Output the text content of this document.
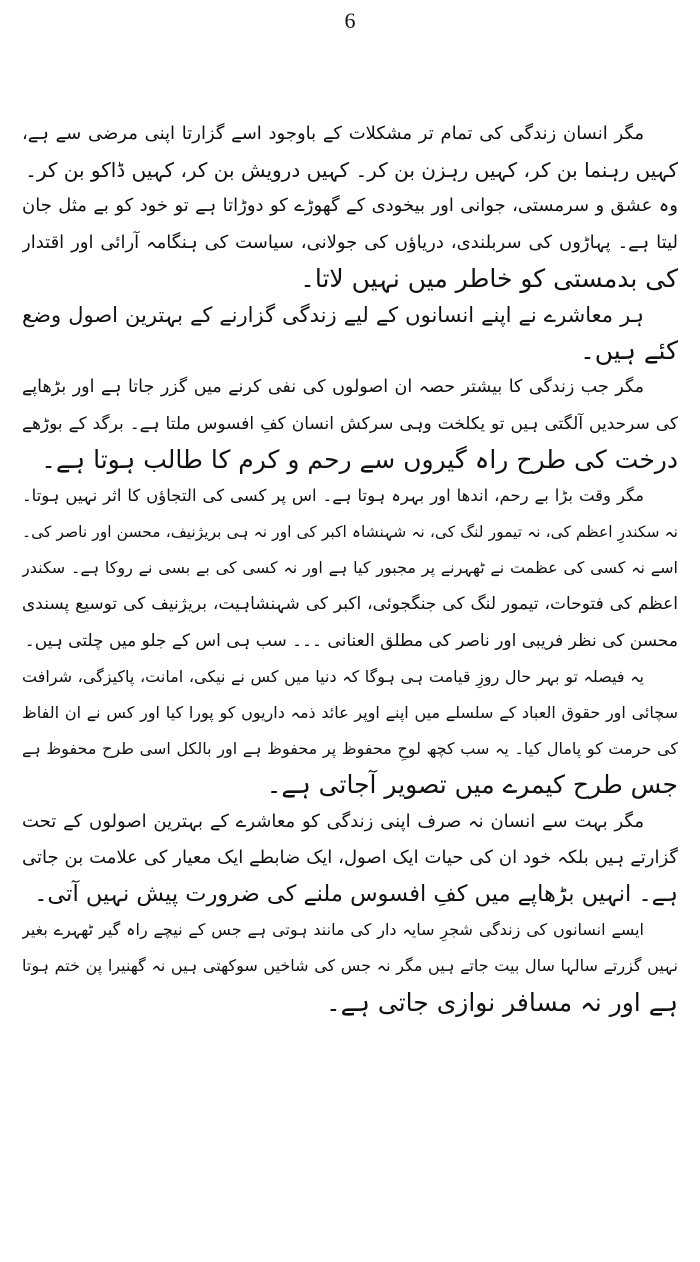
6
مگر انسان زندگی کی تمام تر مشکلات کے باوجود اسے گزارتا اپنی مرضی سے ہے،
کہیں رہنما بن کر، کہیں رہزن بن کر۔ کہیں درویش بن کر، کہیں ڈاکو بن کر۔
وہ عشق و سرمستی، جوانی اور بیخودی کے گھوڑے کو دوڑاتا ہے تو خود کو بے مثل جان
لیتا ہے۔ پہاڑوں کی سربلندی، دریاؤں کی جولانی، سیاست کی ہنگامہ آرائی اور اقتدار
کی بدمستی کو خاطر میں نہیں لاتا۔
ہر معاشرے نے اپنے انسانوں کے لیے زندگی گزارنے کے بہترین اصول وضع
کئے ہیں۔
مگر جب زندگی کا بیشتر حصہ ان اصولوں کی نفی کرنے میں گزر جاتا ہے اور بڑھاپے
کی سرحدیں آلگتی ہیں تو یکلخت وہی سرکش انسان کفِ افسوس ملتا ہے۔ برگد کے بوڑھے
درخت کی طرح راہ گیروں سے رحم و کرم کا طالب ہوتا ہے۔
مگر وقت بڑا بے رحم، اندھا اور بہرہ ہوتا ہے۔ اس پر کسی کی التجاؤں کا اثر نہیں ہوتا۔
نہ سکندرِ اعظم کی، نہ تیمور لنگ کی، نہ شہنشاہ اکبر کی اور نہ ہی بریژنیف، محسن اور ناصر کی۔
اسے نہ کسی کی عظمت نے ٹھہرنے پر مجبور کیا ہے اور نہ کسی کی بے بسی نے روکا ہے۔ سکندر
اعظم کی فتوحات، تیمور لنگ کی جنگجوئی، اکبر کی شہنشاہیت، بریژنیف کی توسیع پسندی
محسن کی نظر فریبی اور ناصر کی مطلق العنانی ۔۔۔ سب ہی اس کے جلو میں چلتی ہیں۔
یہ فیصلہ تو بہر حال روزِ قیامت ہی ہوگا کہ دنیا میں کس نے نیکی، امانت، پاکیزگی، شرافت
سچائی اور حقوق العباد کے سلسلے میں اپنے اوپر عائد ذمہ داریوں کو پورا کیا اور کس نے ان الفاظ
کی حرمت کو پامال کیا۔ یہ سب کچھ لوحِ محفوظ پر محفوظ ہے اور بالکل اسی طرح محفوظ ہے
جس طرح کیمرے میں تصویر آجاتی ہے۔
مگر بہت سے انسان نہ صرف اپنی زندگی کو معاشرے کے بہترین اصولوں کے تحت
گزارتے ہیں بلکہ خود ان کی حیات ایک اصول، ایک ضابطے ایک معیار کی علامت بن جاتی
ہے۔ انہیں بڑھاپے میں کفِ افسوس ملنے کی ضرورت پیش نہیں آتی۔
ایسے انسانوں کی زندگی شجرِ سایہ دار کی مانند ہوتی ہے جس کے نیچے راہ گیر ٹھہرے بغیر
نہیں گزرتے سالہا سال بیت جاتے ہیں مگر نہ جس کی شاخیں سوکھتی ہیں نہ گھنیرا پن ختم ہوتا
ہے اور نہ مسافر نوازی جاتی ہے۔
